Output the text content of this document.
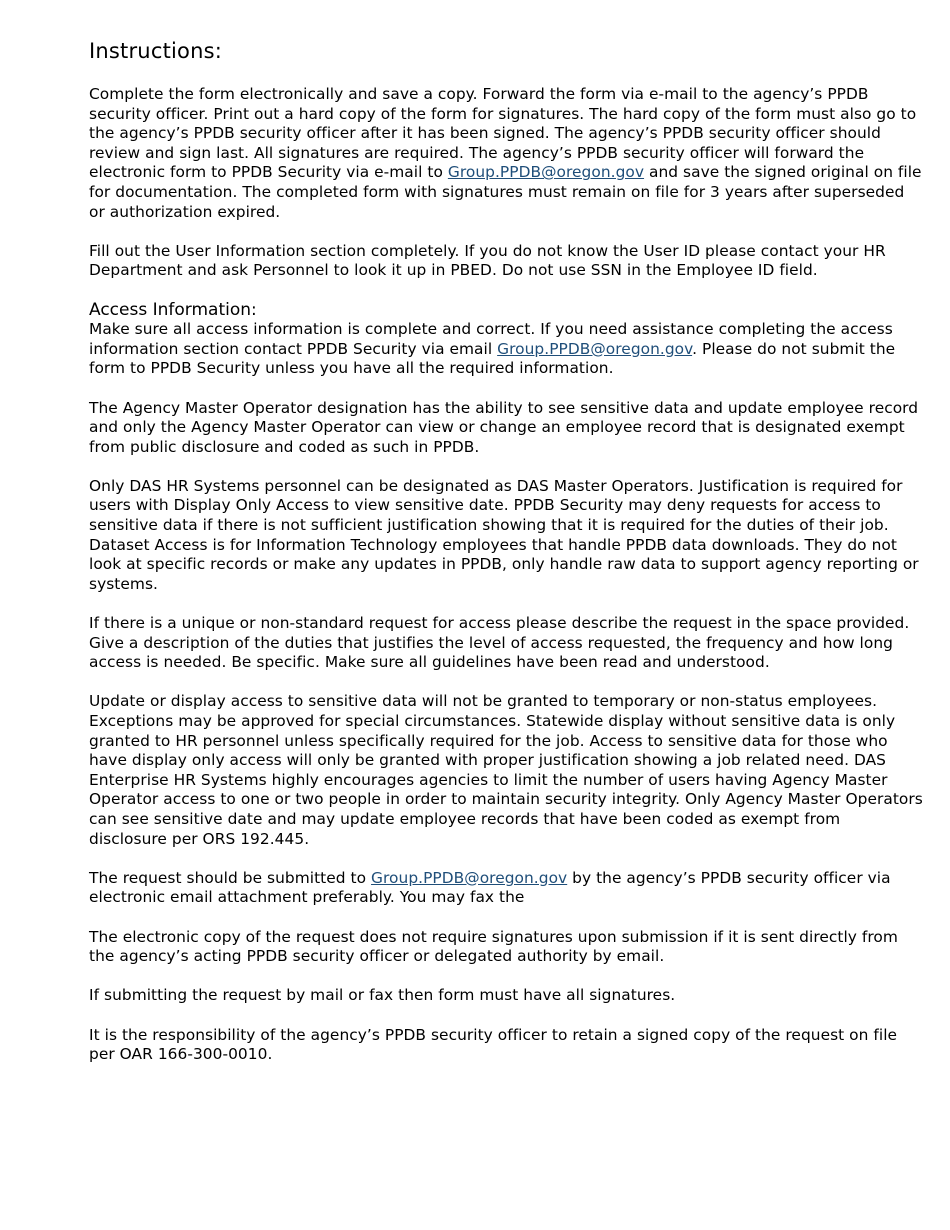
Instructions:

Complete the form electronically and save a copy. Forward the form via e-mail to the agency’s PPDB security officer. Print out a hard copy of the form for signatures. The hard copy of the form must also go to the agency’s PPDB security officer after it has been signed. The agency’s PPDB security officer should review and sign last. All signatures are required. The agency’s PPDB security officer will forward the electronic form to PPDB Security via e-mail to Group.PPDB@oregon.gov and save the signed original on file for documentation. The completed form with signatures must remain on file for 3 years after superseded or authorization expired.

Fill out the User Information section completely. If you do not know the User ID please contact your HR Department and ask Personnel to look it up in PBED. Do not use SSN in the Employee ID field.

Access Information:

Make sure all access information is complete and correct. If you need assistance completing the access information section contact PPDB Security via email Group.PPDB@oregon.gov. Please do not submit the form to PPDB Security unless you have all the required information.

The Agency Master Operator designation has the ability to see sensitive data and update employee record and only the Agency Master Operator can view or change an employee record that is designated exempt from public disclosure and coded as such in PPDB.

Only DAS HR Systems personnel can be designated as DAS Master Operators. Justification is required for users with Display Only Access to view sensitive date. PPDB Security may deny requests for access to sensitive data if there is not sufficient justification showing that it is required for the duties of their job. Dataset Access is for Information Technology employees that handle PPDB data downloads. They do not look at specific records or make any updates in PPDB, only handle raw data to support agency reporting or systems.

If there is a unique or non-standard request for access please describe the request in the space provided. Give a description of the duties that justifies the level of access requested, the frequency and how long access is needed. Be specific. Make sure all guidelines have been read and understood.

Update or display access to sensitive data will not be granted to temporary or non-status employees. Exceptions may be approved for special circumstances. Statewide display without sensitive data is only granted to HR personnel unless specifically required for the job. Access to sensitive data for those who have display only access will only be granted with proper justification showing a job related need. DAS Enterprise HR Systems highly encourages agencies to limit the number of users having Agency Master Operator access to one or two people in order to maintain security integrity. Only Agency Master Operators can see sensitive date and may update employee records that have been coded as exempt from disclosure per ORS 192.445.

The request should be submitted to Group.PPDB@oregon.gov by the agency’s PPDB security officer via electronic email attachment preferably. You may fax the

The electronic copy of the request does not require signatures upon submission if it is sent directly from the agency’s acting PPDB security officer or delegated authority by email.

If submitting the request by mail or fax then form must have all signatures.

It is the responsibility of the agency’s PPDB security officer to retain a signed copy of the request on file per OAR 166-300-0010.
